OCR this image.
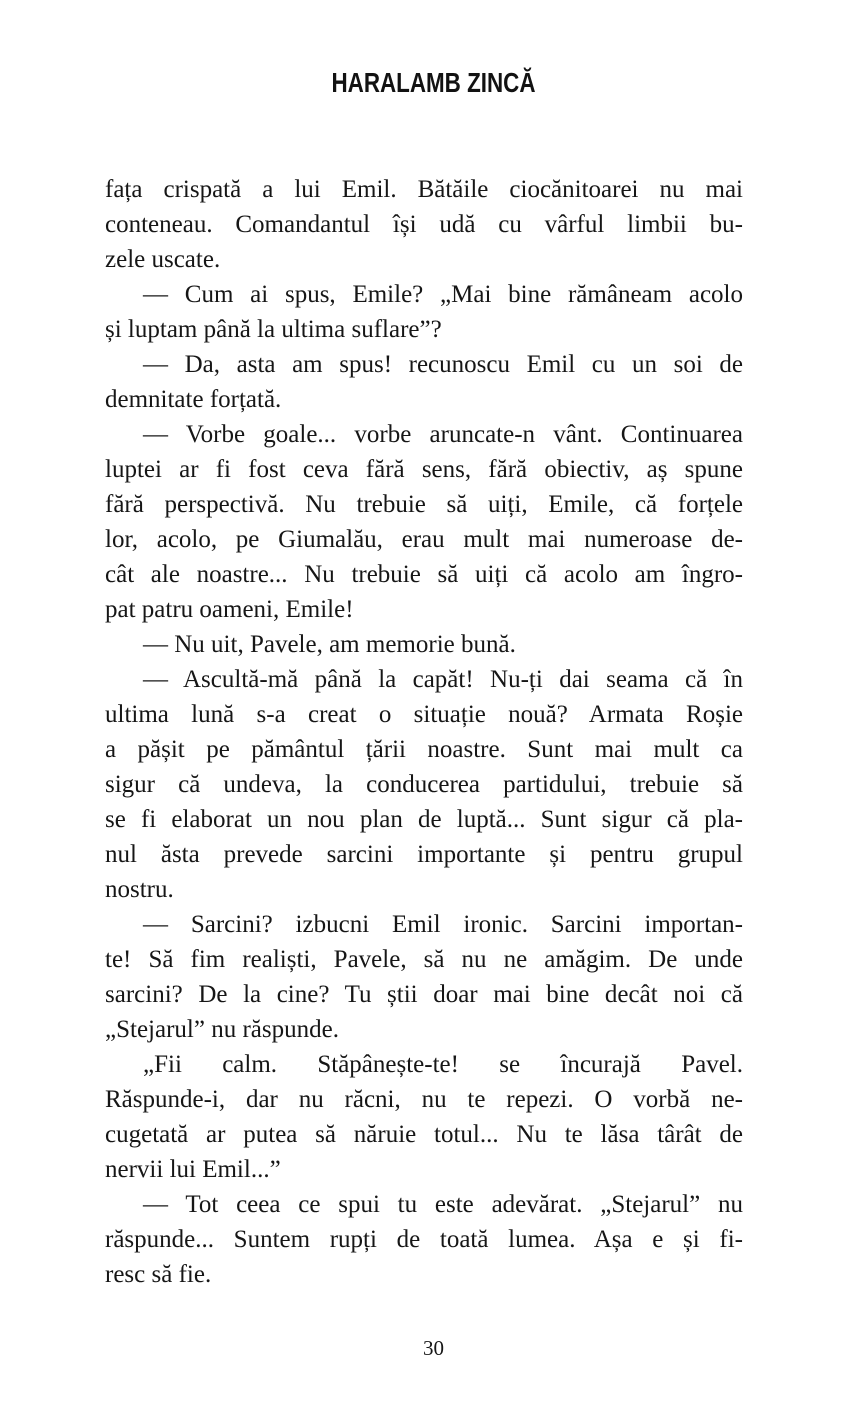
HARALAMB ZINCĂ
fața crispată a lui Emil. Bătăile ciocănitoarei nu mai
conteneau. Comandantul își udă cu vârful limbii bu-
zele uscate.
— Cum ai spus, Emile? „Mai bine rămâneam acolo
și luptam până la ultima suflare”?
— Da, asta am spus! recunoscu Emil cu un soi de
demnitate forțată.
— Vorbe goale... vorbe aruncate-n vânt. Continuarea
luptei ar fi fost ceva fără sens, fără obiectiv, aș spune
fără perspectivă. Nu trebuie să uiți, Emile, că forțele
lor, acolo, pe Giumalău, erau mult mai numeroase de-
cât ale noastre... Nu trebuie să uiți că acolo am îngro-
pat patru oameni, Emile!
— Nu uit, Pavele, am memorie bună.
— Ascultă-mă până la capăt! Nu-ți dai seama că în
ultima lună s-a creat o situație nouă? Armata Roșie
a pășit pe pământul țării noastre. Sunt mai mult ca
sigur că undeva, la conducerea partidului, trebuie să
se fi elaborat un nou plan de luptă... Sunt sigur că pla-
nul ăsta prevede sarcini importante și pentru grupul
nostru.
— Sarcini? izbucni Emil ironic. Sarcini importan-
te! Să fim realiști, Pavele, să nu ne amăgim. De unde
sarcini? De la cine? Tu știi doar mai bine decât noi că
„Stejarul” nu răspunde.
„Fii calm. Stăpânește-te! se încurajă Pavel.
Răspunde-i, dar nu răcni, nu te repezi. O vorbă ne-
cugetată ar putea să năruie totul... Nu te lăsa târât de
nervii lui Emil...”
— Tot ceea ce spui tu este adevărat. „Stejarul” nu
răspunde... Suntem rupți de toată lumea. Așa e și fi-
resc să fie.
30
